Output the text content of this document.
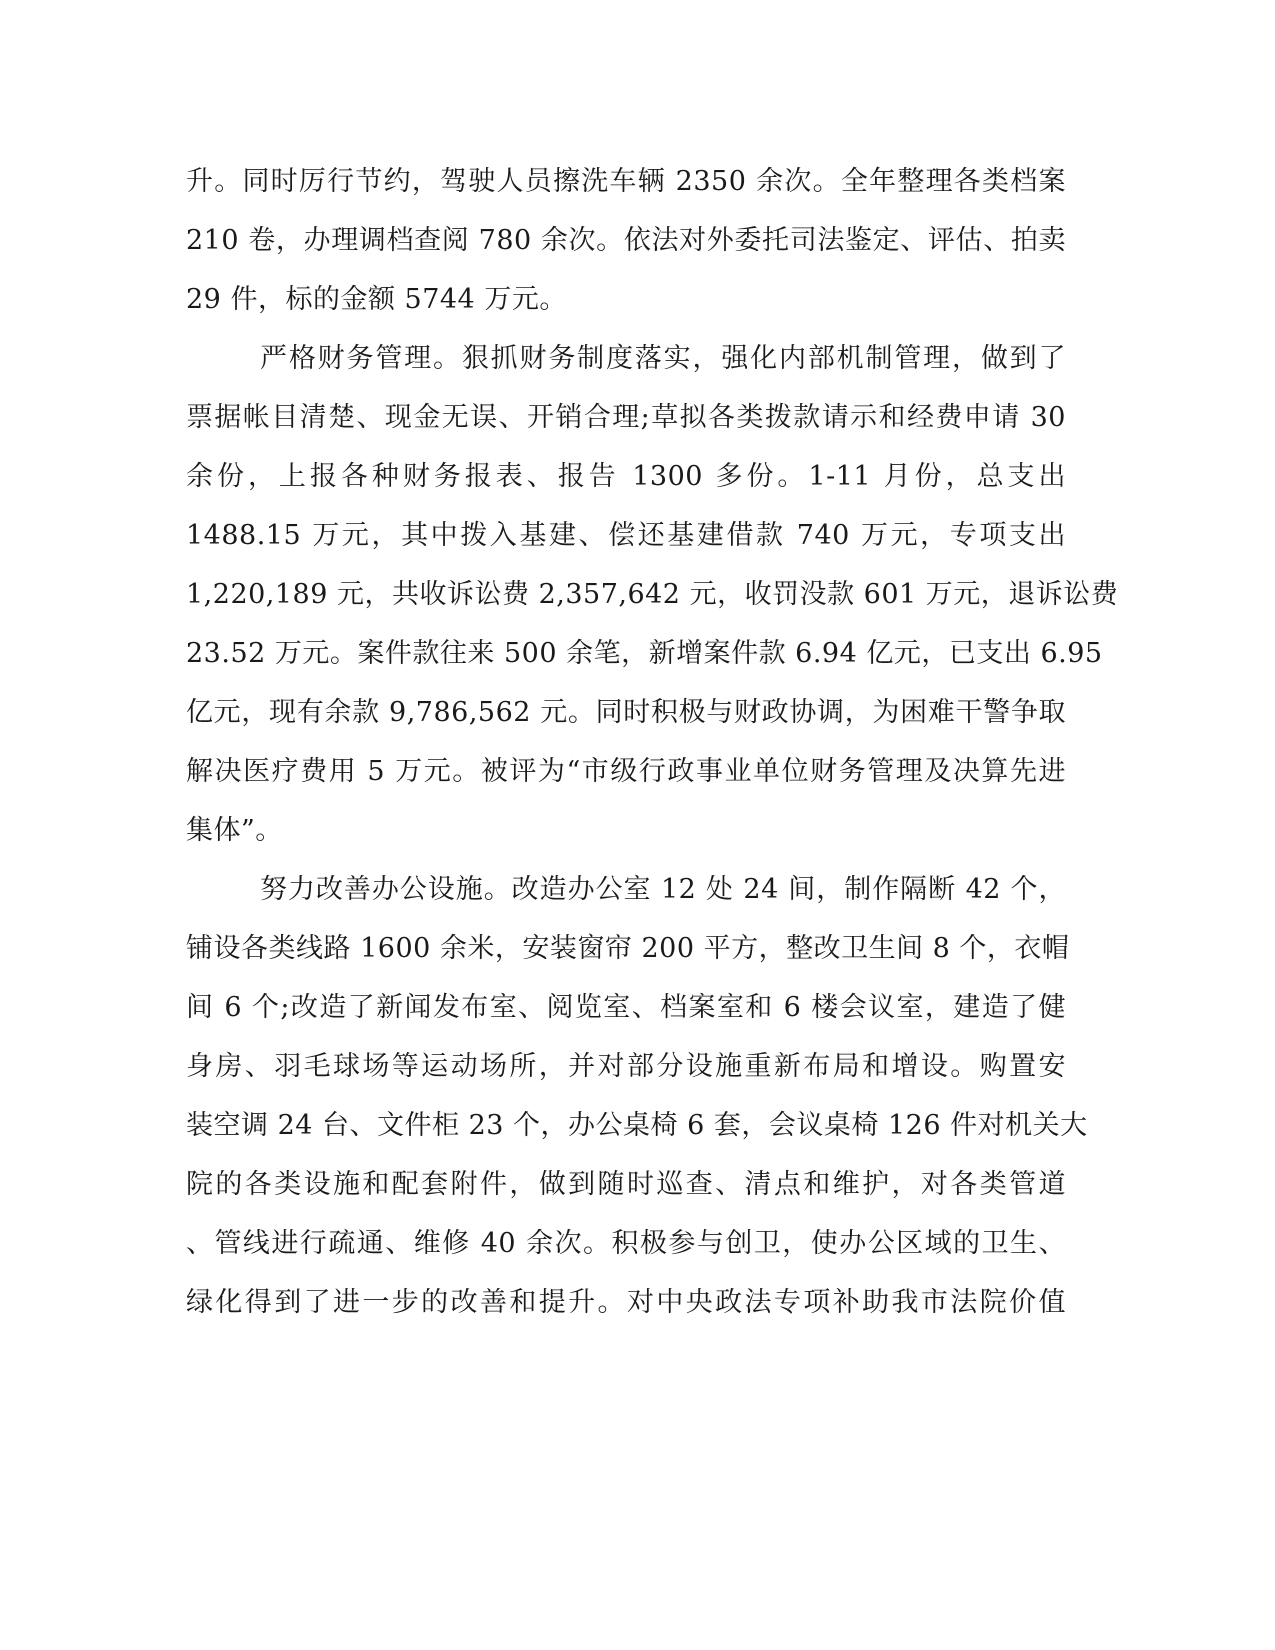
升。同时厉行节约，驾驶人员擦洗车辆 2350 余次。全年整理各类档案
210 卷，办理调档查阅 780 余次。依法对外委托司法鉴定、评估、拍卖
29 件，标的金额 5744 万元。
严格财务管理。狠抓财务制度落实，强化内部机制管理，做到了
票据帐目清楚、现金无误、开销合理;草拟各类拨款请示和经费申请 30
余份，上报各种财务报表、报告 1300 多份。1-11 月份，总支出
1488.15 万元，其中拨入基建、偿还基建借款 740 万元，专项支出
1,220,189 元，共收诉讼费 2,357,642 元，收罚没款 601 万元，退诉讼费
23.52 万元。案件款往来 500 余笔，新增案件款 6.94 亿元，已支出 6.95
亿元，现有余款 9,786,562 元。同时积极与财政协调，为困难干警争取
解决医疗费用 5 万元。被评为“市级行政事业单位财务管理及决算先进
集体”。
努力改善办公设施。改造办公室 12 处 24 间，制作隔断 42 个，
铺设各类线路 1600 余米，安装窗帘 200 平方，整改卫生间 8 个，衣帽
间 6 个;改造了新闻发布室、阅览室、档案室和 6 楼会议室，建造了健
身房、羽毛球场等运动场所，并对部分设施重新布局和增设。购置安
装空调 24 台、文件柜 23 个，办公桌椅 6 套，会议桌椅 126 件对机关大
院的各类设施和配套附件，做到随时巡查、清点和维护，对各类管道
、管线进行疏通、维修 40 余次。积极参与创卫，使办公区域的卫生、
绿化得到了进一步的改善和提升。对中央政法专项补助我市法院价值
